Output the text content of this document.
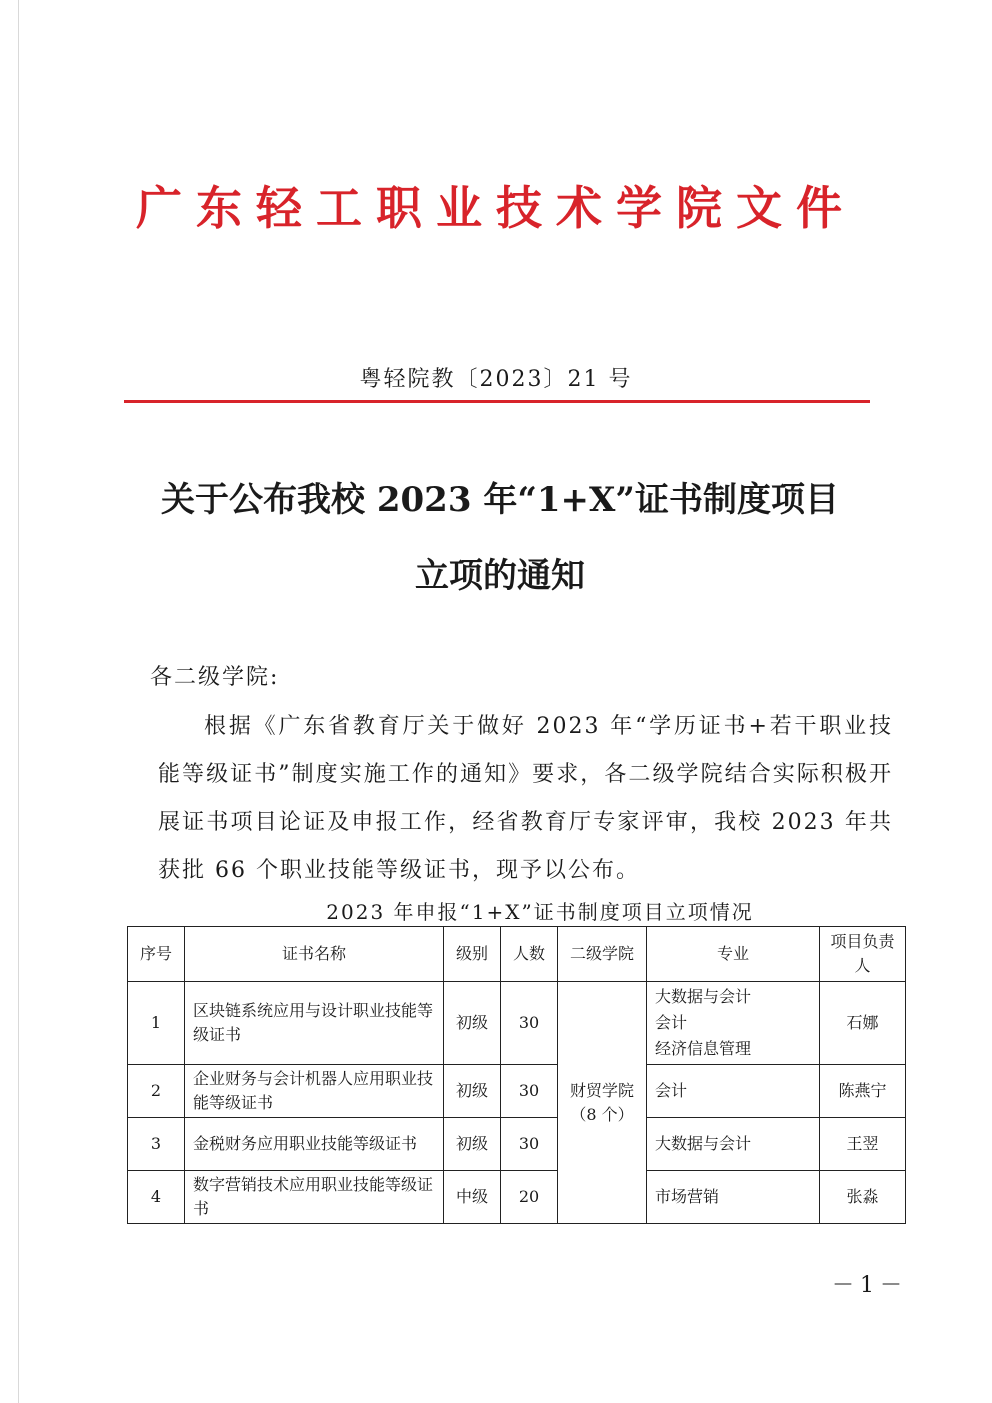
广东轻工职业技术学院文件
粤轻院教〔2023〕21 号
关于公布我校 2023 年“1+X”证书制度项目
立项的通知
各二级学院:
根据《广东省教育厅关于做好 2023 年“学历证书+若干职业技能等级证书”制度实施工作的通知》要求，各二级学院结合实际积极开展证书项目论证及申报工作，经省教育厅专家评审，我校 2023 年共获批 66 个职业技能等级证书，现予以公布。
2023 年申报“1+X”证书制度项目立项情况
序号	证书名称	级别	人数	二级学院	专业	项目负责人
1	区块链系统应用与设计职业技能等级证书	初级	30	财贸学院（8 个）	大数据与会计
会计
经济信息管理	石娜
2	企业财务与会计机器人应用职业技能等级证书	初级	30		会计	陈燕宁
3	金税财务应用职业技能等级证书	初级	30		大数据与会计	王翌
4	数字营销技术应用职业技能等级证书	中级	20		市场营销	张淼
－1－
